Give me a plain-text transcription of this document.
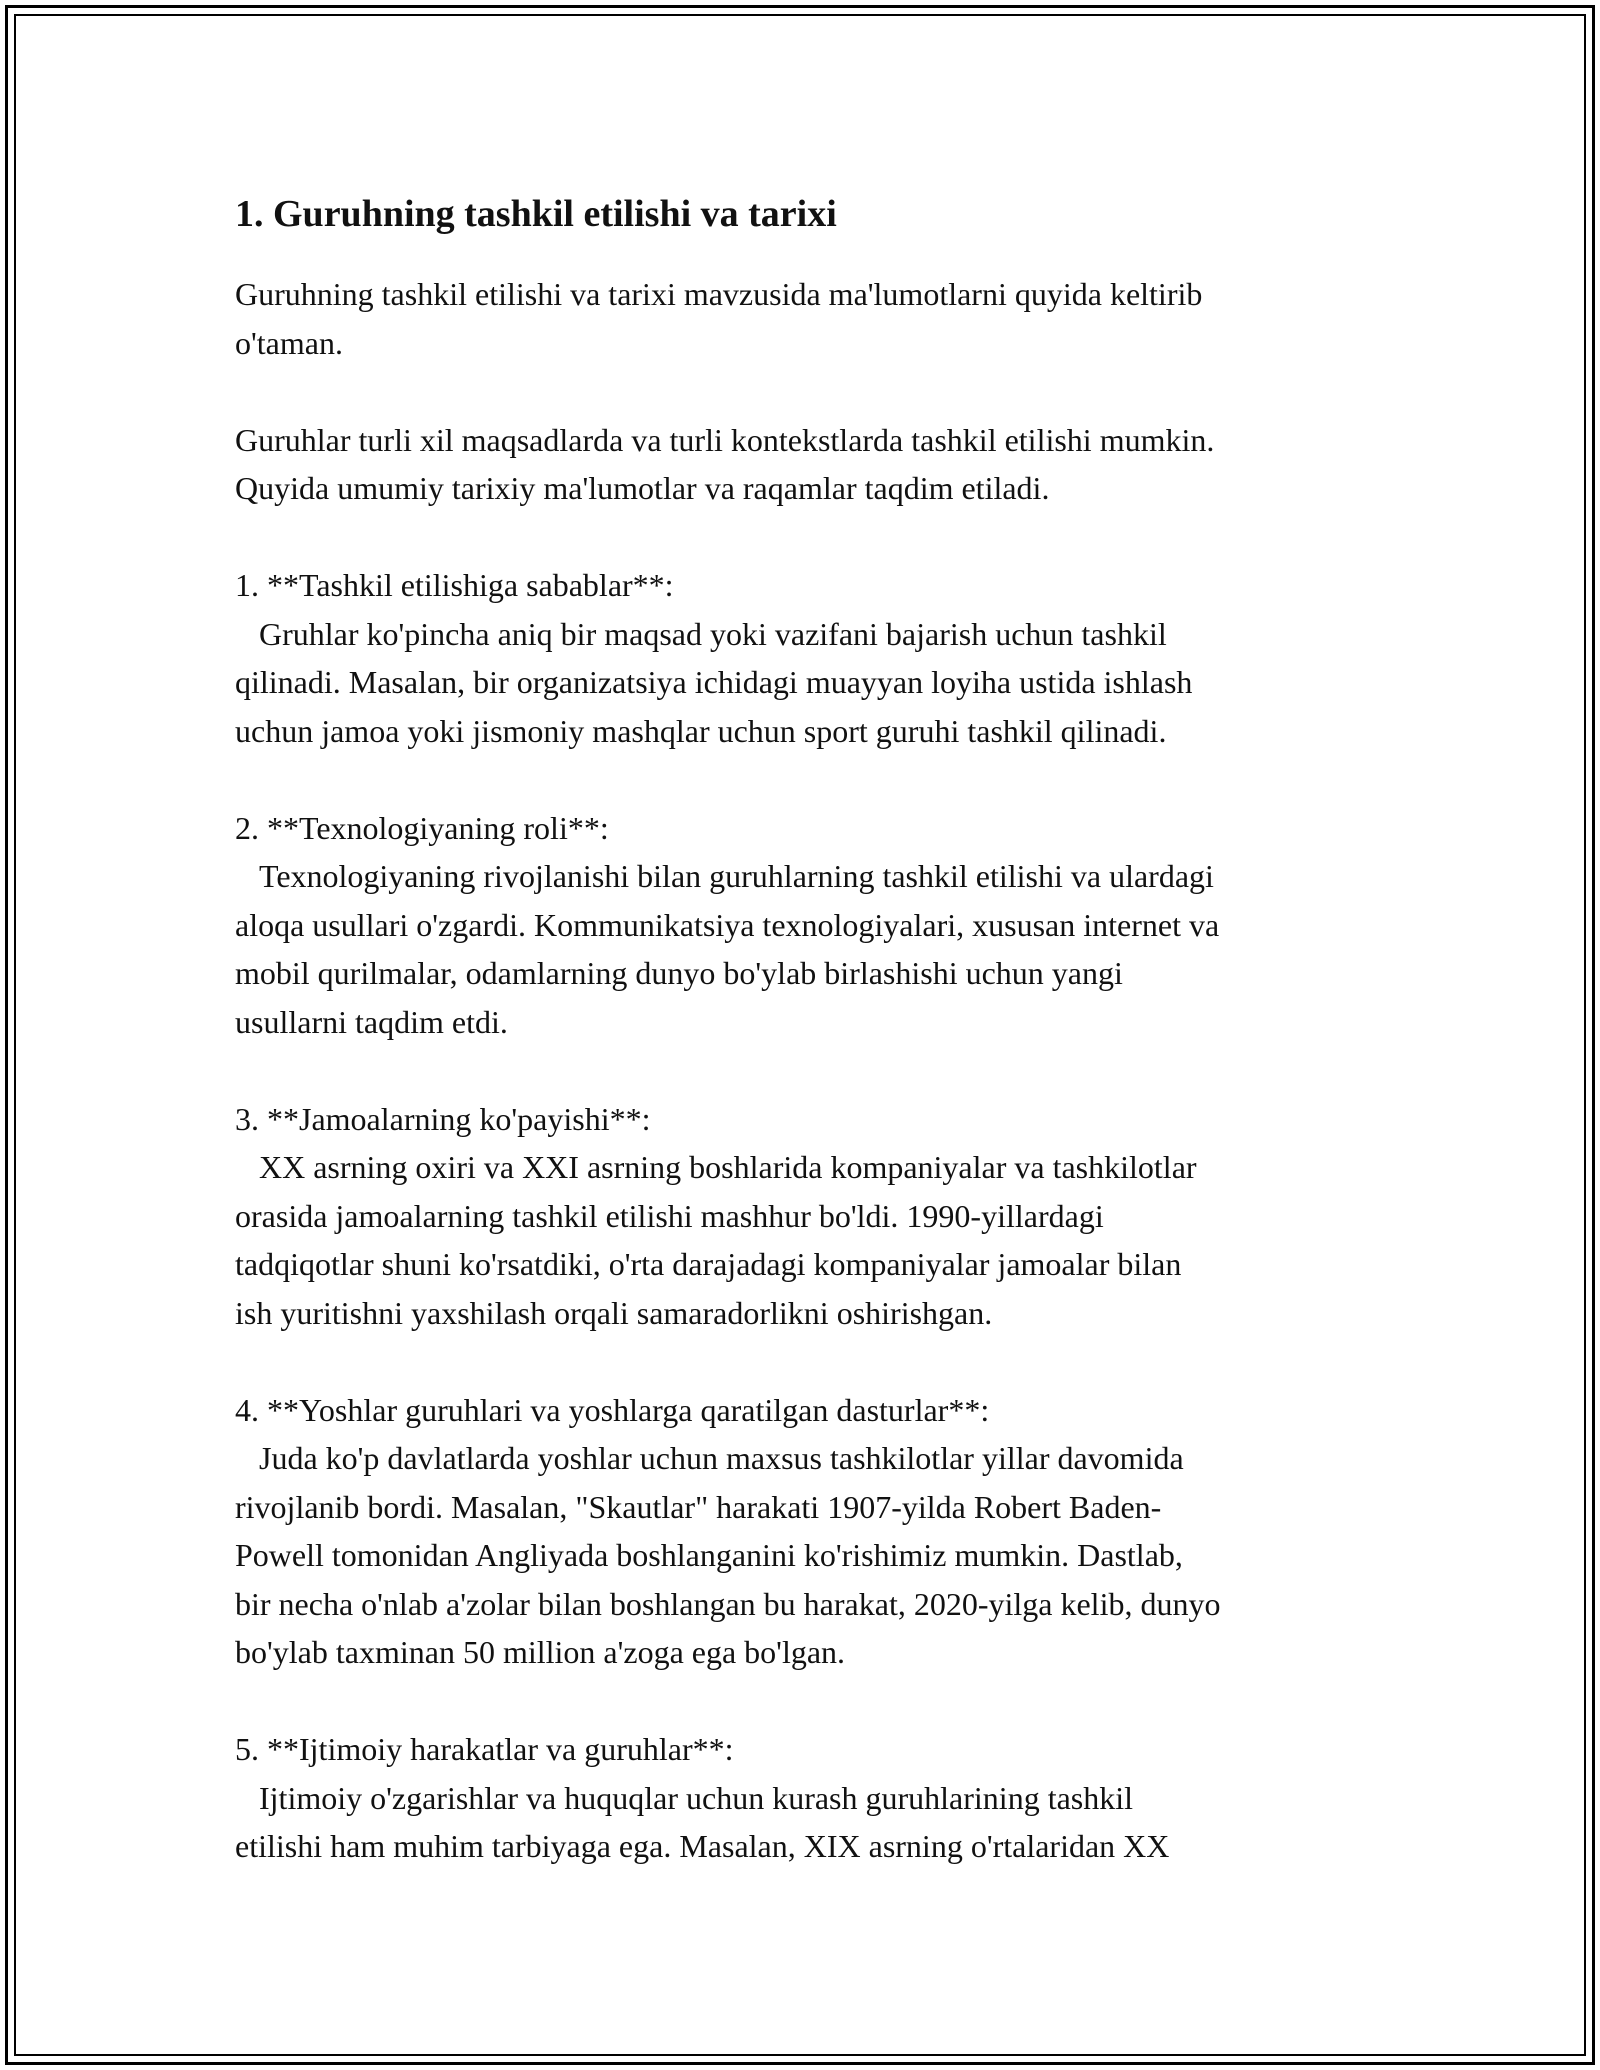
1. Guruhning tashkil etilishi va tarixi

Guruhning tashkil etilishi va tarixi mavzusida ma'lumotlarni quyida keltirib

o'taman.

Guruhlar turli xil maqsadlarda va turli kontekstlarda tashkil etilishi mumkin.

Quyida umumiy tarixiy ma'lumotlar va raqamlar taqdim etiladi.

1. **Tashkil etilishiga sabablar**:

Gruhlar ko'pincha aniq bir maqsad yoki vazifani bajarish uchun tashkil

qilinadi. Masalan, bir organizatsiya ichidagi muayyan loyiha ustida ishlash

uchun jamoa yoki jismoniy mashqlar uchun sport guruhi tashkil qilinadi.

2. **Texnologiyaning roli**:

Texnologiyaning rivojlanishi bilan guruhlarning tashkil etilishi va ulardagi

aloqa usullari o'zgardi. Kommunikatsiya texnologiyalari, xususan internet va

mobil qurilmalar, odamlarning dunyo bo'ylab birlashishi uchun yangi

usullarni taqdim etdi.

3. **Jamoalarning ko'payishi**:

XX asrning oxiri va XXI asrning boshlarida kompaniyalar va tashkilotlar

orasida jamoalarning tashkil etilishi mashhur bo'ldi. 1990-yillardagi

tadqiqotlar shuni ko'rsatdiki, o'rta darajadagi kompaniyalar jamoalar bilan

ish yuritishni yaxshilash orqali samaradorlikni oshirishgan.

4. **Yoshlar guruhlari va yoshlarga qaratilgan dasturlar**:

Juda ko'p davlatlarda yoshlar uchun maxsus tashkilotlar yillar davomida

rivojlanib bordi. Masalan, "Skautlar" harakati 1907-yilda Robert Baden-

Powell tomonidan Angliyada boshlanganini ko'rishimiz mumkin. Dastlab,

bir necha o'nlab a'zolar bilan boshlangan bu harakat, 2020-yilga kelib, dunyo

bo'ylab taxminan 50 million a'zoga ega bo'lgan.

5. **Ijtimoiy harakatlar va guruhlar**:

Ijtimoiy o'zgarishlar va huquqlar uchun kurash guruhlarining tashkil

etilishi ham muhim tarbiyaga ega. Masalan, XIX asrning o'rtalaridan XX
